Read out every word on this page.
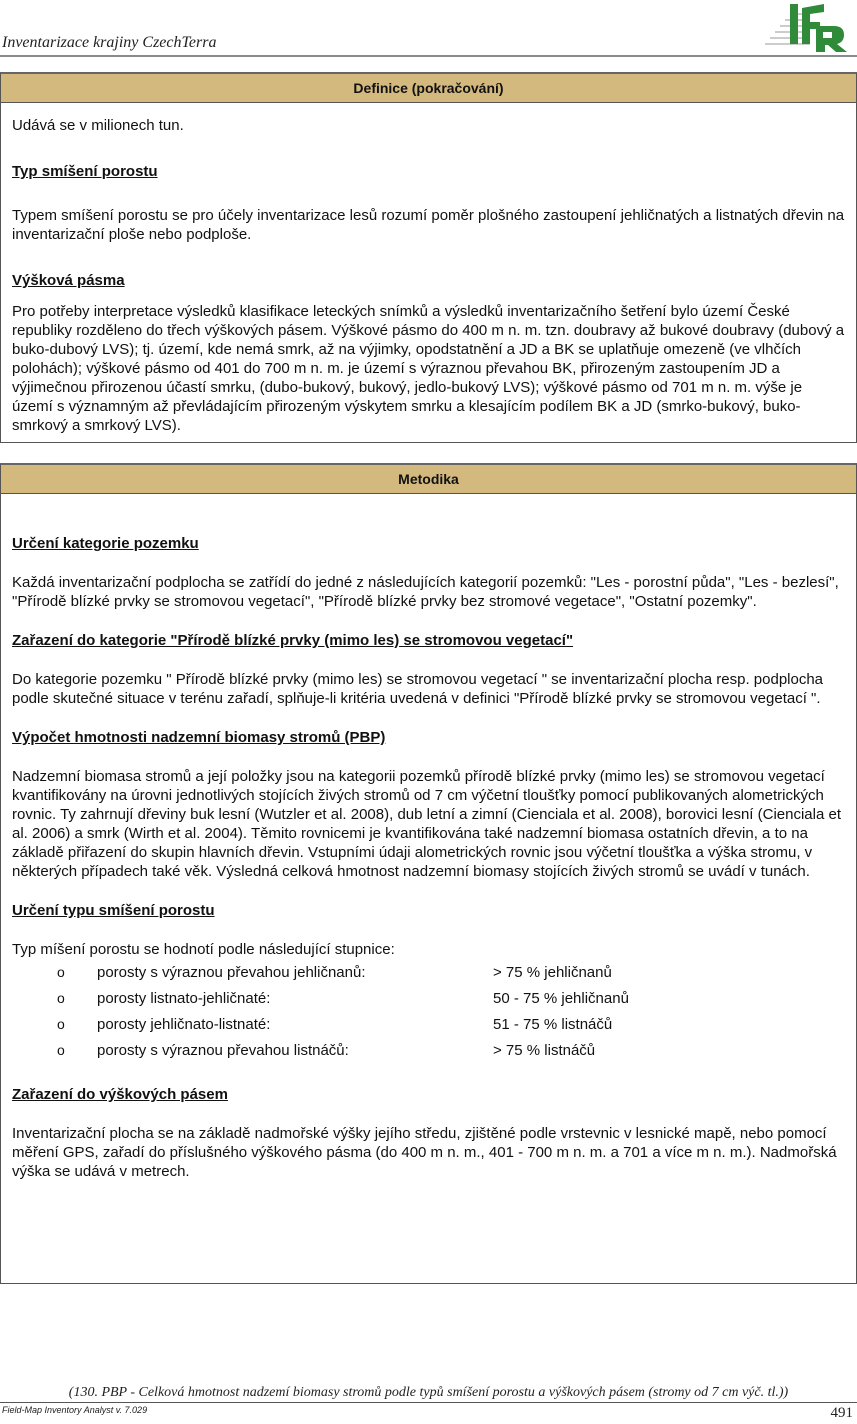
Inventarizace krajiny CzechTerra
Definice (pokračování)

Udává se v milionech tun.

Typ smíšení porostu

Typem smíšení porostu se pro účely inventarizace lesů rozumí poměr plošného zastoupení jehličnatých a listnatých dřevin na inventarizační ploše nebo podploše.

Výšková pásma

Pro potřeby interpretace výsledků klasifikace leteckých snímků a výsledků inventarizačního šetření bylo území České republiky rozděleno do třech výškových pásem. Výškové pásmo do 400 m n. m. tzn. doubravy až bukové doubravy (dubový a buko-dubový LVS); tj. území, kde nemá smrk, až na výjimky, opodstatnění a JD a BK se uplatňuje omezeně (ve vlhčích polohách); výškové pásmo od 401 do 700 m n. m. je území s výraznou převahou BK, přirozeným zastoupením JD a výjimečnou přirozenou účastí smrku, (dubo-bukový, bukový, jedlo-bukový LVS); výškové pásmo od 701 m n. m. výše je území s významným až převládajícím přirozeným výskytem smrku a klesajícím podílem BK a JD (smrko-bukový, buko-smrkový a smrkový LVS).

Metodika

Určení kategorie pozemku

Každá inventarizační podplocha se zatřídí do jedné z následujících kategorií pozemků: "Les - porostní půda", "Les - bezlesí", "Přírodě blízké prvky se stromovou vegetací", "Přírodě blízké prvky bez stromové vegetace", "Ostatní pozemky".

Zařazení do kategorie "Přírodě blízké prvky (mimo les) se stromovou vegetací"

Do kategorie pozemku " Přírodě blízké prvky (mimo les) se stromovou vegetací " se inventarizační plocha resp. podplocha podle skutečné situace v terénu zařadí, splňuje-li kritéria uvedená v definici "Přírodě blízké prvky se stromovou vegetací ".

Výpočet hmotnosti nadzemní biomasy stromů (PBP)

Nadzemní biomasa stromů a její položky jsou na kategorii pozemků přírodě blízké prvky (mimo les) se stromovou vegetací kvantifikovány na úrovni jednotlivých stojících živých stromů od 7 cm výčetní tloušťky pomocí publikovaných alometrických rovnic. Ty zahrnují dřeviny buk lesní (Wutzler et al. 2008), dub letní a zimní (Cienciala et al. 2008), borovici lesní (Cienciala et al. 2006) a smrk (Wirth et al. 2004). Těmito rovnicemi je kvantifikována také nadzemní biomasa ostatních dřevin, a to na základě přiřazení do skupin hlavních dřevin. Vstupními údaji alometrických rovnic jsou výčetní tloušťka a výška stromu, v některých případech také věk. Výsledná celková hmotnost nadzemní biomasy stojících živých stromů se uvádí v tunách.

Určení typu smíšení porostu

Typ míšení porostu se hodnotí podle následující stupnice:

o	porosty s výraznou převahou jehličnanů:	> 75 % jehličnanů
o	porosty listnato-jehličnaté:	50 - 75 % jehličnanů
o	porosty jehličnato-listnaté:	51 - 75 % listnáčů
o	porosty s výraznou převahou listnáčů:	> 75 % listnáčů

Zařazení do výškových pásem

Inventarizační plocha se na základě nadmořské výšky jejího středu, zjištěné podle vrstevnic v lesnické mapě, nebo pomocí měření GPS, zařadí do příslušného výškového pásma (do 400 m n. m., 401 - 700 m n. m. a 701 a více m n. m.). Nadmořská výška se udává v metrech.

(130. PBP - Celková hmotnost nadzemí biomasy stromů podle typů smíšení porostu a výškových pásem (stromy od 7 cm výč. tl.))
Field-Map Inventory Analyst v. 7.029	491
